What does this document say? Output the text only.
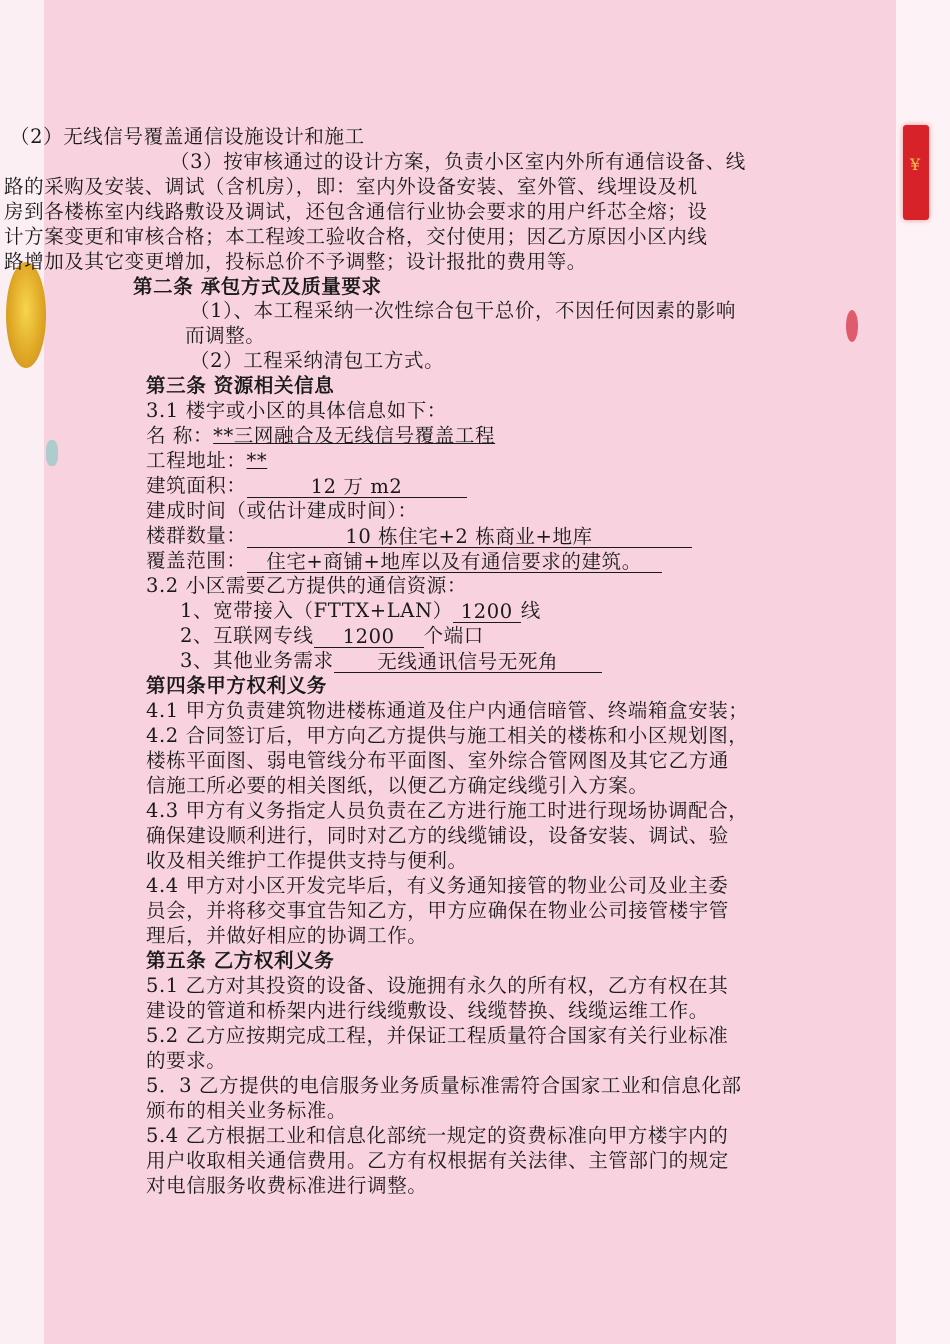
¥
（2）无线信号覆盖通信设施设计和施工
（3）按审核通过的设计方案，负责小区室内外所有通信设备、线
路的采购及安装、调试（含机房），即：室内外设备安装、室外管、线埋设及机
房到各楼栋室内线路敷设及调试，还包含通信行业协会要求的用户纤芯全熔；设
计方案变更和审核合格；本工程竣工验收合格，交付使用；因乙方原因小区内线
路增加及其它变更增加，投标总价不予调整；设计报批的费用等。
第二条 承包方式及质量要求
（1）、本工程采纳一次性综合包干总价，不因任何因素的影响
而调整。
（2）工程采纳清包工方式。
第三条 资源相关信息
3.1 楼宇或小区的具体信息如下：
名 称：**三网融合及无线信号覆盖工程
工程地址：**
建筑面积：	12 万 m2
建成时间（或估计建成时间）：
楼群数量：	10 栋住宅+2 栋商业+地库
覆盖范围： 住宅+商铺+地库以及有通信要求的建筑。
3.2 小区需要乙方提供的通信资源：
1、宽带接入（FTTX+LAN） 1200 线
2、互联网专线 1200 个端口
3、其他业务需求 无线通讯信号无死角
第四条甲方权利义务
4.1 甲方负责建筑物进楼栋通道及住户内通信暗管、终端箱盒安装；
4.2 合同签订后，甲方向乙方提供与施工相关的楼栋和小区规划图，
楼栋平面图、弱电管线分布平面图、室外综合管网图及其它乙方通
信施工所必要的相关图纸，以便乙方确定线缆引入方案。
4.3 甲方有义务指定人员负责在乙方进行施工时进行现场协调配合，
确保建设顺利进行，同时对乙方的线缆铺设，设备安装、调试、验
收及相关维护工作提供支持与便利。
4.4 甲方对小区开发完毕后，有义务通知接管的物业公司及业主委
员会，并将移交事宜告知乙方，甲方应确保在物业公司接管楼宇管
理后，并做好相应的协调工作。
第五条 乙方权利义务
5.1 乙方对其投资的设备、设施拥有永久的所有权，乙方有权在其
建设的管道和桥架内进行线缆敷设、线缆替换、线缆运维工作。
5.2 乙方应按期完成工程，并保证工程质量符合国家有关行业标准
的要求。
5．3 乙方提供的电信服务业务质量标准需符合国家工业和信息化部
颁布的相关业务标准。
5.4 乙方根据工业和信息化部统一规定的资费标准向甲方楼宇内的
用户收取相关通信费用。乙方有权根据有关法律、主管部门的规定
对电信服务收费标准进行调整。
